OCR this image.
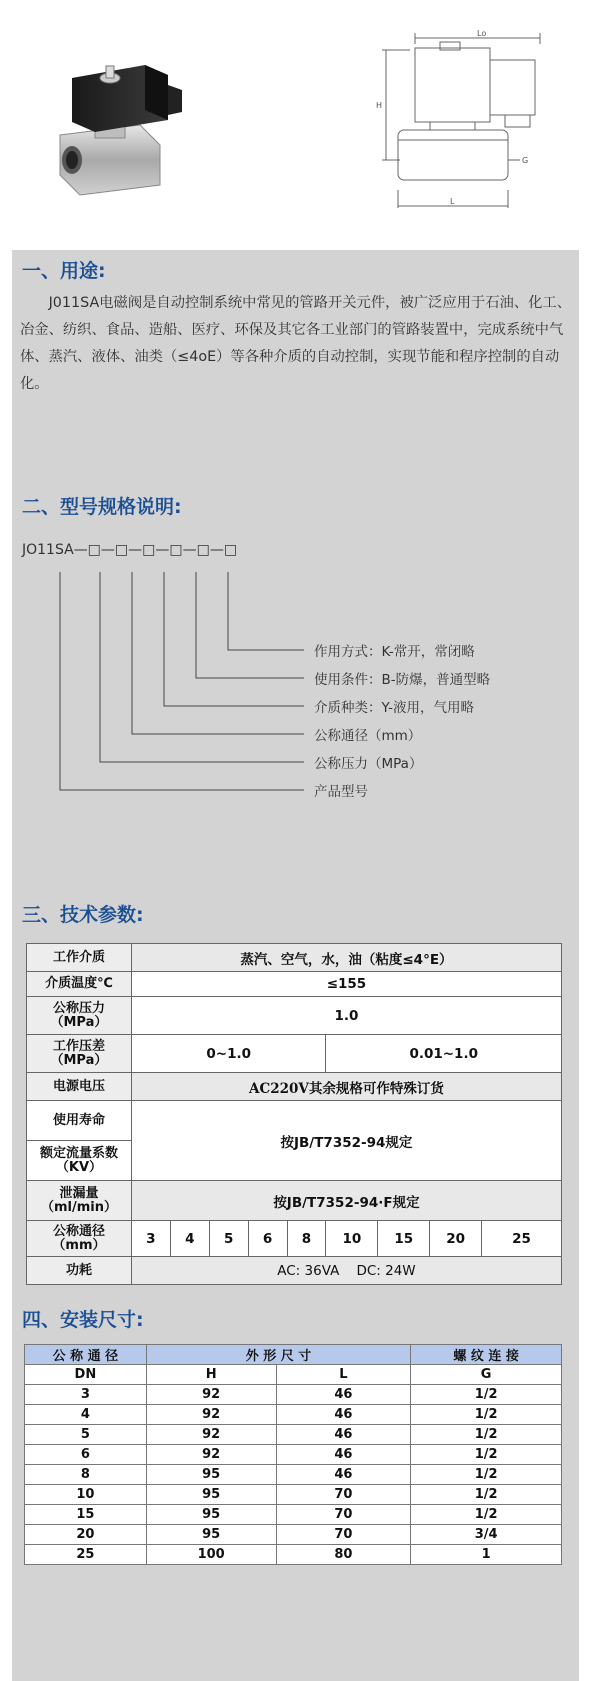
Lo
H
G
L
一、用途:

J011SA电磁阀是自动控制系统中常见的管路开关元件，被广泛应用于石油、化工、冶金、纺织、食品、造船、医疗、环保及其它各工业部门的管路装置中，完成系统中气体、蒸汽、液体、油类（≤4oE）等各种介质的自动控制，实现节能和程序控制的自动化。

二、型号规格说明:
JO11SA—□—□—□—□—□—□
作用方式：K-常开，常闭略
使用条件：B-防爆，普通型略
介质种类：Y-液用，气用略
公称通径（mm）
公称压力（MPa）
产品型号
三、技术参数:
工作介质	蒸汽、空气，水，油（粘度≤4°E）								
介质温度℃	≤155								

公称压力
（MPa）	1.0								

工作压差
（MPa）	0~1.0					0.01~1.0			
电源电压	AC220V其余规格可作特殊订货								
使用寿命	按JB/T7352-94规定								

额定流量系数
（KV）									

泄漏量
（ml/min）	按JB/T7352-94·F规定								

公称通径
（mm）	3	4	5	6	8	10	15	20	25
功耗	AC: 36VA    DC: 24W								
四、安装尺寸:
公 称 通 径	外 形 尺 寸		螺 纹 连 接
DN	H	L	G
3	92	46	1/2
4	92	46	1/2
5	92	46	1/2
6	92	46	1/2
8	95	46	1/2
10	95	70	1/2
15	95	70	1/2
20	95	70	3/4
25	100	80	1
